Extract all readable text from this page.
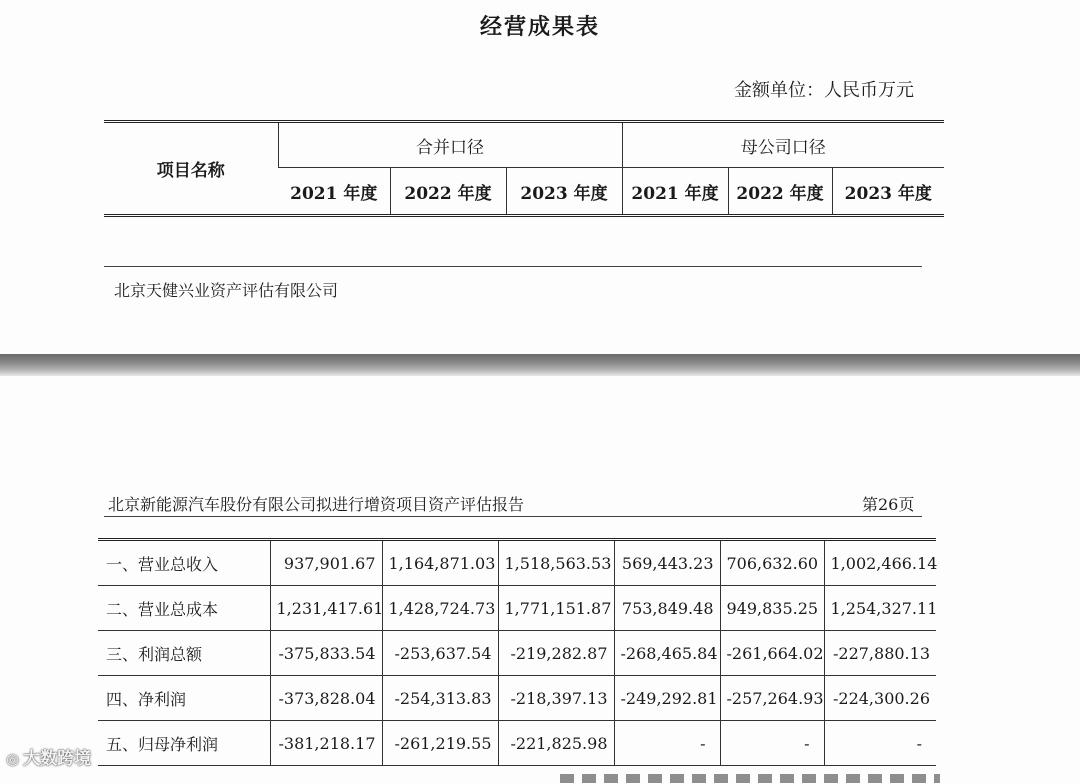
经营成果表
金额单位：人民币万元
项目名称	合并口径			母公司口径		
	2021 年度	2022 年度	2023 年度	2021 年度	2022 年度	2023 年度
北京天健兴业资产评估有限公司
北京新能源汽车股份有限公司拟进行增资项目资产评估报告	第26页
一、营业总收入	937,901.67	1,164,871.03	1,518,563.53	569,443.23	706,632.60	1,002,466.14
二、营业总成本	1,231,417.61	1,428,724.73	1,771,151.87	753,849.48	949,835.25	1,254,327.11
三、利润总额	-375,833.54	-253,637.54	-219,282.87	-268,465.84	-261,664.02	-227,880.13
四、净利润	-373,828.04	-254,313.83	-218,397.13	-249,292.81	-257,264.93	-224,300.26
五、归母净利润	-381,218.17	-261,219.55	-221,825.98	-	-	-
◎ 大数跨境
